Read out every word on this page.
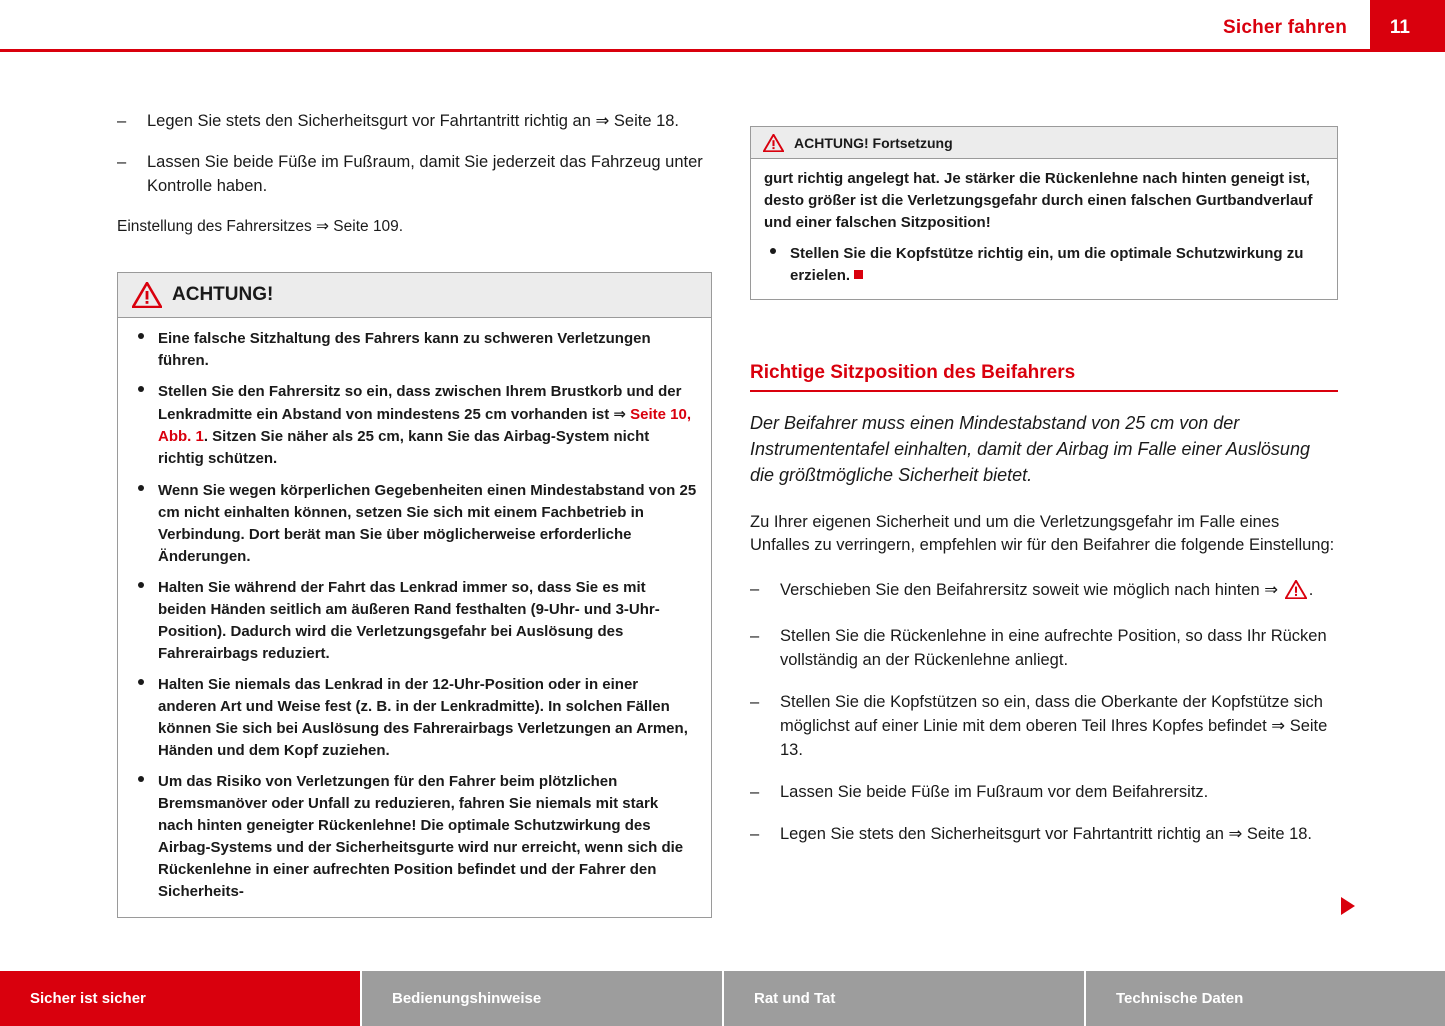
Sicher fahren 11
– Legen Sie stets den Sicherheitsgurt vor Fahrtantritt richtig an ⇒ Seite 18.
– Lassen Sie beide Füße im Fußraum, damit Sie jederzeit das Fahrzeug unter Kontrolle haben.

Einstellung des Fahrersitzes ⇒ Seite 109.

ACHTUNG!
Eine falsche Sitzhaltung des Fahrers kann zu schweren Verletzungen führen.
Stellen Sie den Fahrersitz so ein, dass zwischen Ihrem Brustkorb und der Lenkradmitte ein Abstand von mindestens 25 cm vorhanden ist ⇒ Seite 10, Abb. 1. Sitzen Sie näher als 25 cm, kann Sie das Airbag-System nicht richtig schützen.
Wenn Sie wegen körperlichen Gegebenheiten einen Mindestabstand von 25 cm nicht einhalten können, setzen Sie sich mit einem Fachbetrieb in Verbindung. Dort berät man Sie über möglicherweise erforderliche Änderungen.
Halten Sie während der Fahrt das Lenkrad immer so, dass Sie es mit beiden Händen seitlich am äußeren Rand festhalten (9-Uhr- und 3-Uhr-Position). Dadurch wird die Verletzungsgefahr bei Auslösung des Fahrerairbags reduziert.
Halten Sie niemals das Lenkrad in der 12-Uhr-Position oder in einer anderen Art und Weise fest (z. B. in der Lenkradmitte). In solchen Fällen können Sie sich bei Auslösung des Fahrerairbags Verletzungen an Armen, Händen und dem Kopf zuziehen.
Um das Risiko von Verletzungen für den Fahrer beim plötzlichen Bremsmanöver oder Unfall zu reduzieren, fahren Sie niemals mit stark nach hinten geneigter Rückenlehne! Die optimale Schutzwirkung des Airbag-Systems und der Sicherheitsgurte wird nur erreicht, wenn sich die Rückenlehne in einer aufrechten Position befindet und der Fahrer den Sicherheits-
ACHTUNG! Fortsetzung

gurt richtig angelegt hat. Je stärker die Rückenlehne nach hinten geneigt ist, desto größer ist die Verletzungsgefahr durch einen falschen Gurtbandverlauf und einer falschen Sitzposition!

Stellen Sie die Kopfstütze richtig ein, um die optimale Schutzwirkung zu erzielen.
Richtige Sitzposition des Beifahrers

Der Beifahrer muss einen Mindestabstand von 25 cm von der Instrumententafel einhalten, damit der Airbag im Falle einer Auslösung die größtmögliche Sicherheit bietet.

Zu Ihrer eigenen Sicherheit und um die Verletzungsgefahr im Falle eines Unfalles zu verringern, empfehlen wir für den Beifahrer die folgende Einstellung:

– Verschieben Sie den Beifahrersitz soweit wie möglich nach hinten ⇒ .
– Stellen Sie die Rückenlehne in eine aufrechte Position, so dass Ihr Rücken vollständig an der Rückenlehne anliegt.
– Stellen Sie die Kopfstützen so ein, dass die Oberkante der Kopfstütze sich möglichst auf einer Linie mit dem oberen Teil Ihres Kopfes befindet ⇒ Seite 13.
– Lassen Sie beide Füße im Fußraum vor dem Beifahrersitz.
– Legen Sie stets den Sicherheitsgurt vor Fahrtantritt richtig an ⇒ Seite 18.
Sicher ist sicher	Bedienungshinweise	Rat und Tat	Technische Daten
